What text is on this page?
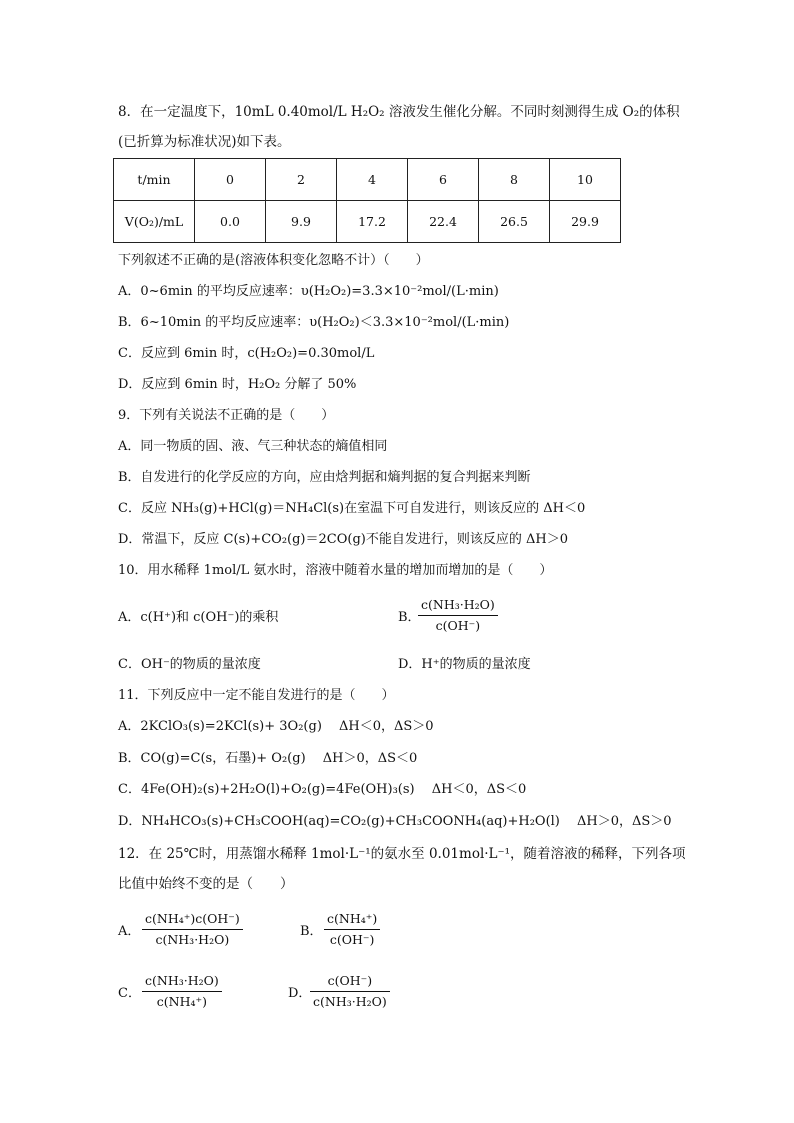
8．在一定温度下，10mL 0.40mol/L H₂O₂ 溶液发生催化分解。不同时刻测得生成 O₂的体积
(已折算为标准状况)如下表。
t/min	0	2	4	6	8	10
V(O₂)/mL	0.0	9.9	17.2	22.4	26.5	29.9
下列叙述不正确的是(溶液体积变化忽略不计）（　　）
A．0~6min 的平均反应速率：υ(H₂O₂)=3.3×10⁻²mol/(L·min)
B．6~10min 的平均反应速率：υ(H₂O₂)＜3.3×10⁻²mol/(L·min)
C．反应到 6min 时，c(H₂O₂)=0.30mol/L
D．反应到 6min 时，H₂O₂ 分解了 50%
9．下列有关说法不正确的是（　　）
A．同一物质的固、液、气三种状态的熵值相同
B．自发进行的化学反应的方向，应由焓判据和熵判据的复合判据来判断
C．反应 NH₃(g)+HCl(g)＝NH₄Cl(s)在室温下可自发进行，则该反应的 ΔH＜0
D．常温下，反应 C(s)+CO₂(g)＝2CO(g)不能自发进行，则该反应的 ΔH＞0
10．用水稀释 1mol/L 氨水时，溶液中随着水量的增加而增加的是（　　）
A．c(H⁺)和 c(OH⁻)的乘积	B．
c(NH₃·H₂O)
c(OH⁻)
C．OH⁻的物质的量浓度	D．H⁺的物质的量浓度
11．下列反应中一定不能自发进行的是（　　）
A．2KClO₃(s)=2KCl(s)+ 3O₂(g)　 ΔH＜0，ΔS＞0
B．CO(g)=C(s，石墨)+ O₂(g)　 ΔH＞0，ΔS＜0
C．4Fe(OH)₂(s)+2H₂O(l)+O₂(g)=4Fe(OH)₃(s)　 ΔH＜0，ΔS＜0
D．NH₄HCO₃(s)+CH₃COOH(aq)=CO₂(g)+CH₃COONH₄(aq)+H₂O(l)　 ΔH＞0，ΔS＞0
12．在 25℃时，用蒸馏水稀释 1mol·L⁻¹的氨水至 0.01mol·L⁻¹，随着溶液的稀释，下列各项
比值中始终不变的是（　　）
A．
c(NH₄⁺)c(OH⁻)
c(NH₃·H₂O)
B．
c(NH₄⁺)
c(OH⁻)
C．
c(NH₃·H₂O)
c(NH₄⁺)
D．
c(OH⁻)
c(NH₃·H₂O)
